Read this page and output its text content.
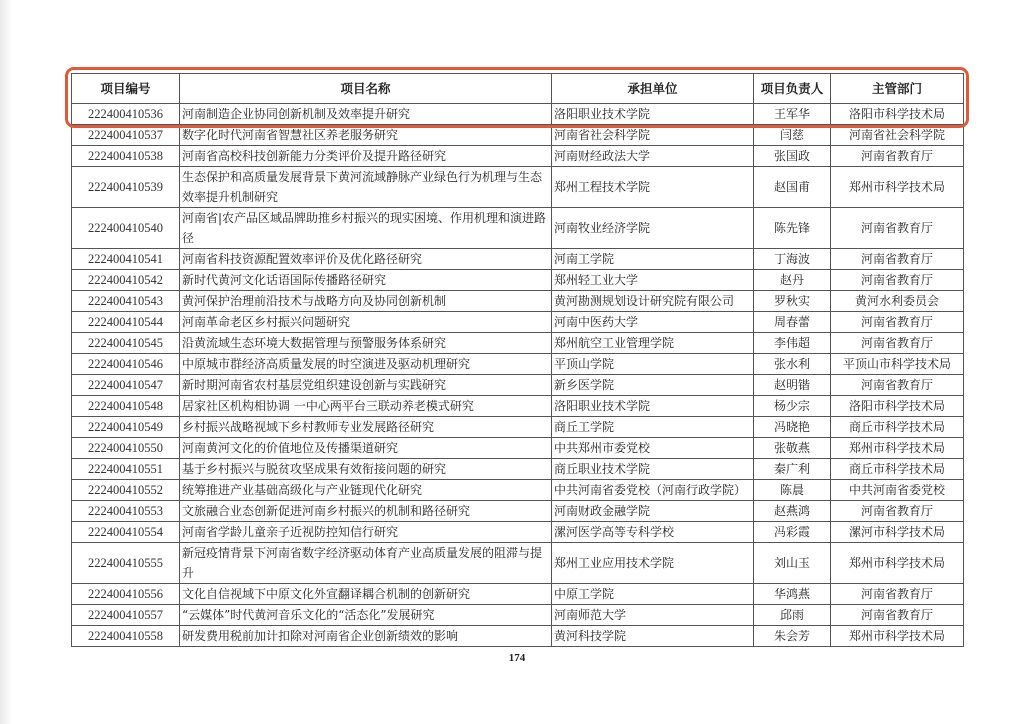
项目编号	项目名称	承担单位	项目负责人	主管部门
222400410536	河南制造企业协同创新机制及效率提升研究	洛阳职业技术学院	王军华	洛阳市科学技术局
222400410537	数字化时代河南省智慧社区养老服务研究	河南省社会科学院	闫慈	河南省社会科学院
222400410538	河南省高校科技创新能力分类评价及提升路径研究	河南财经政法大学	张国政	河南省教育厅
222400410539	生态保护和高质量发展背景下黄河流域静脉产业绿色行为机理与生态效率提升机制研究	郑州工程技术学院	赵国甫	郑州市科学技术局
222400410540	河南省|农产品区域品牌助推乡村振兴的现实困境、作用机理和演进路径	河南牧业经济学院	陈先锋	河南省教育厅
222400410541	河南省科技资源配置效率评价及优化路径研究	河南工学院	丁海波	河南省教育厅
222400410542	新时代黄河文化话语国际传播路径研究	郑州轻工业大学	赵丹	河南省教育厅
222400410543	黄河保护治理前沿技术与战略方向及协同创新机制	黄河勘测规划设计研究院有限公司	罗秋实	黄河水利委员会
222400410544	河南革命老区乡村振兴问题研究	河南中医药大学	周春蕾	河南省教育厅
222400410545	沿黄流域生态环境大数据管理与预警服务体系研究	郑州航空工业管理学院	李伟超	河南省教育厅
222400410546	中原城市群经济高质量发展的时空演进及驱动机理研究	平顶山学院	张水利	平顶山市科学技术局
222400410547	新时期河南省农村基层党组织建设创新与实践研究	新乡医学院	赵明锴	河南省教育厅
222400410548	居家社区机构相协调 一中心两平台三联动养老模式研究	洛阳职业技术学院	杨少宗	洛阳市科学技术局
222400410549	乡村振兴战略视域下乡村教师专业发展路径研究	商丘工学院	冯晓艳	商丘市科学技术局
222400410550	河南黄河文化的价值地位及传播渠道研究	中共郑州市委党校	张敬燕	郑州市科学技术局
222400410551	基于乡村振兴与脱贫攻坚成果有效衔接问题的研究	商丘职业技术学院	秦广利	商丘市科学技术局
222400410552	统筹推进产业基础高级化与产业链现代化研究	中共河南省委党校（河南行政学院）	陈晨	中共河南省委党校
222400410553	文旅融合业态创新促进河南乡村振兴的机制和路径研究	河南财政金融学院	赵燕鸿	河南省教育厅
222400410554	河南省学龄儿童亲子近视防控知信行研究	漯河医学高等专科学校	冯彩霞	漯河市科学技术局
222400410555	新冠疫情背景下河南省数字经济驱动体育产业高质量发展的阻滞与提升	郑州工业应用技术学院	刘山玉	郑州市科学技术局
222400410556	文化自信视域下中原文化外宣翻译耦合机制的创新研究	中原工学院	华鸿燕	河南省教育厅
222400410557	“云媒体”时代黄河音乐文化的“活态化”发展研究	河南师范大学	邱雨	河南省教育厅
222400410558	研发费用税前加计扣除对河南省企业创新绩效的影响	黄河科技学院	朱会芳	郑州市科学技术局
174
